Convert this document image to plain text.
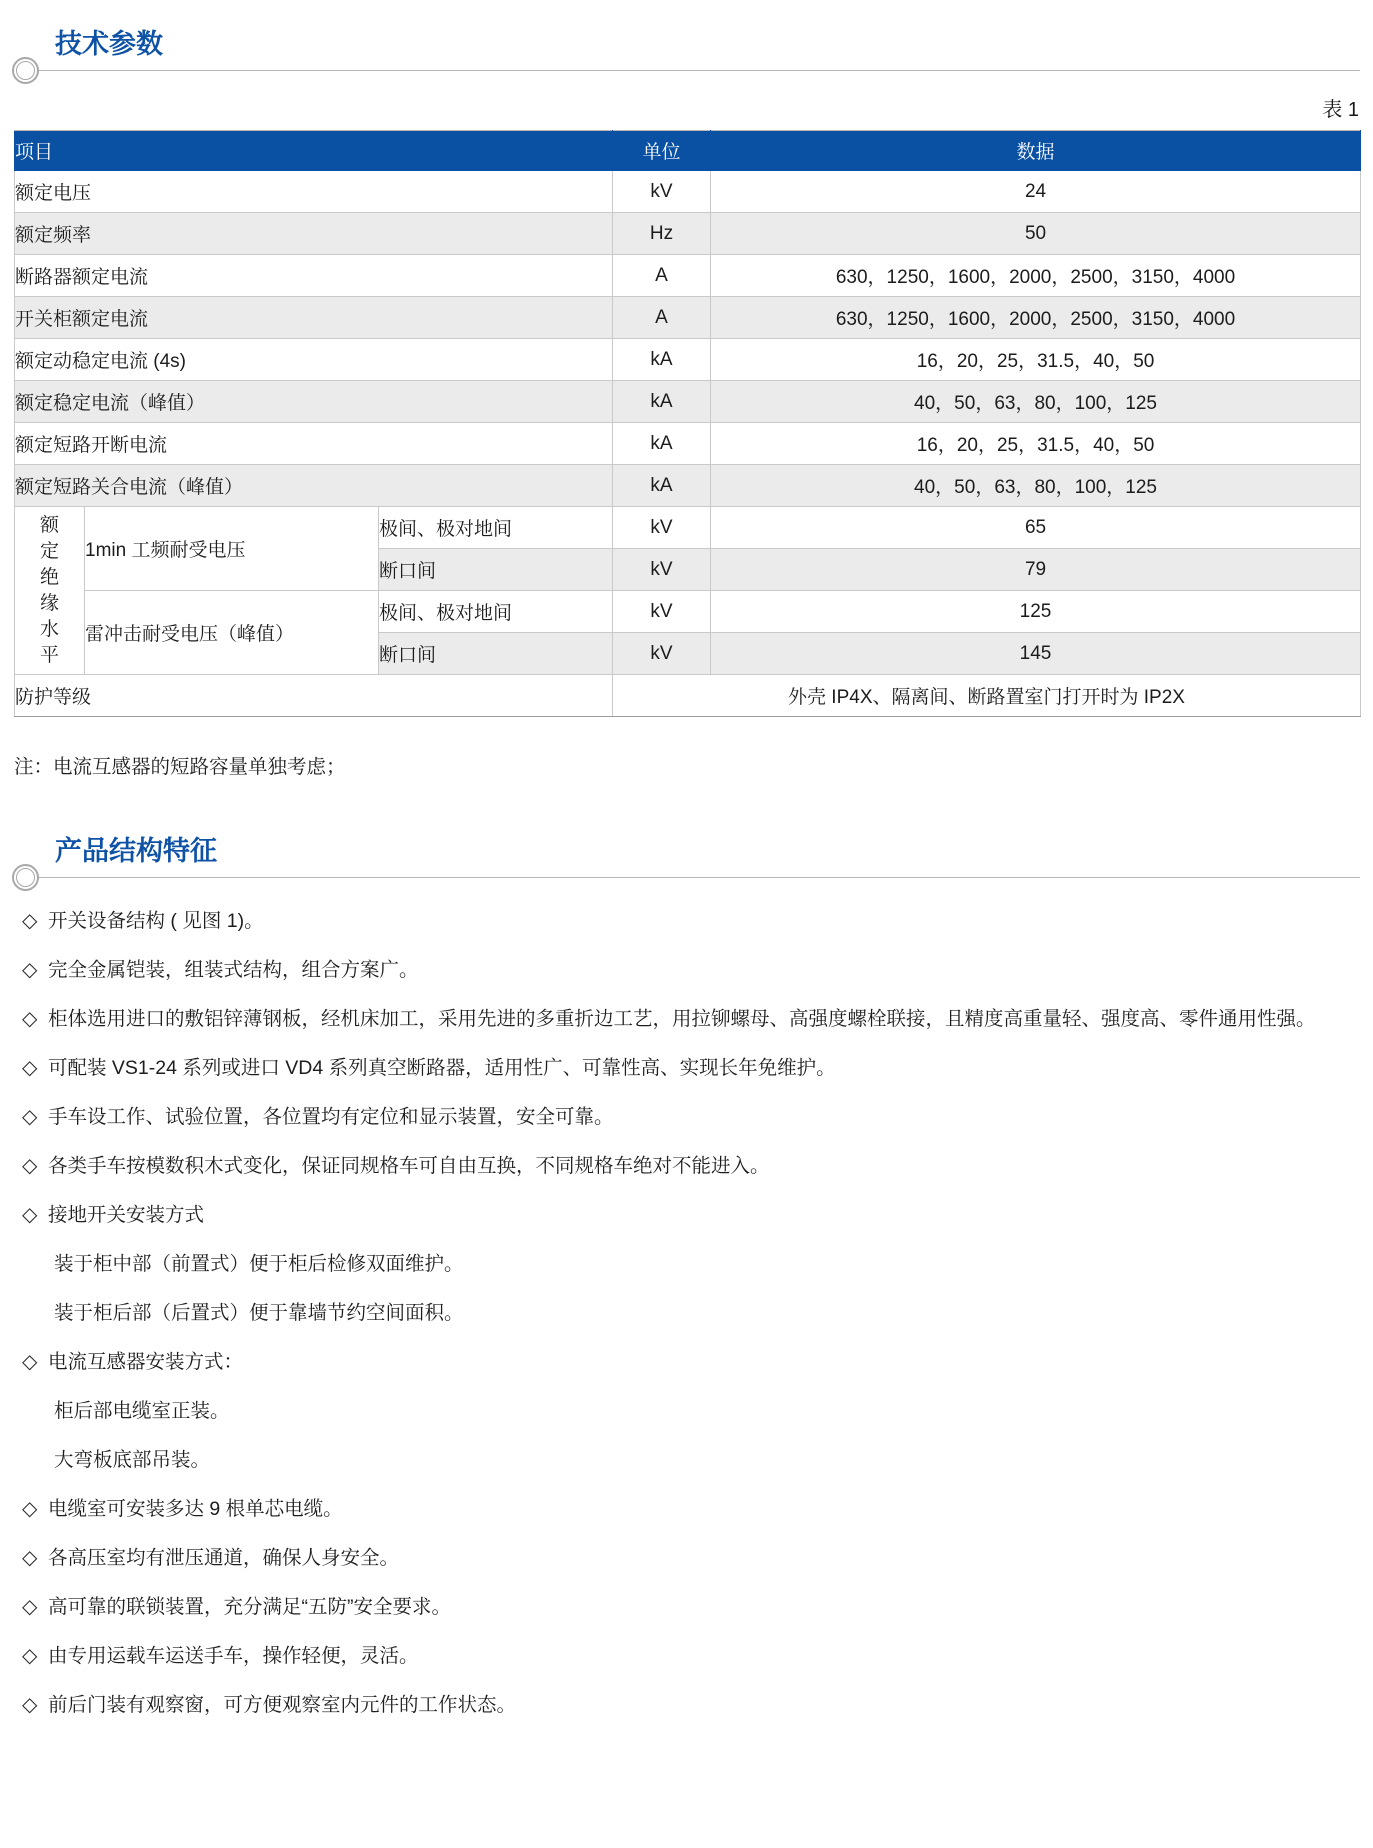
技术参数
表 1
项目			单位	数据
额定电压			kV	24
额定频率			Hz	50
断路器额定电流			A	630，1250，1600，2000，2500，3150，4000
开关柜额定电流			A	630，1250，1600，2000，2500，3150，4000
额定动稳定电流 (4s)			kA	16，20，25，31.5，40，50
额定稳定电流（峰值）			kA	40，50，63，80，100，125
额定短路开断电流			kA	16，20，25，31.5，40，50
额定短路关合电流（峰值）			kA	40，50，63，80，100，125

额定绝缘水平	1min 工频耐受电压	极间、极对地间	kV	65
		断口间	kV	79
	雷冲击耐受电压（峰值）	极间、极对地间	kV	125
		断口间	kV	145
防护等级			外壳 IP4X、隔离间、断路置室门打开时为 IP2X	
注：电流互感器的短路容量单独考虑；
产品结构特征
◇ 开关设备结构 ( 见图 1)。
◇ 完全金属铠装，组装式结构，组合方案广。
◇ 柜体选用进口的敷铝锌薄钢板，经机床加工，采用先进的多重折边工艺，用拉铆螺母、高强度螺栓联接，且精度高重量轻、强度高、零件通用性强。
◇ 可配装 VS1-24 系列或进口 VD4 系列真空断路器，适用性广、可靠性高、实现长年免维护。
◇ 手车设工作、试验位置，各位置均有定位和显示装置，安全可靠。
◇ 各类手车按模数积木式变化，保证同规格车可自由互换，不同规格车绝对不能进入。
◇ 接地开关安装方式
装于柜中部（前置式）便于柜后检修双面维护。
装于柜后部（后置式）便于靠墙节约空间面积。
◇ 电流互感器安装方式：
柜后部电缆室正装。
大弯板底部吊装。
◇ 电缆室可安装多达 9 根单芯电缆。
◇ 各高压室均有泄压通道，确保人身安全。
◇ 高可靠的联锁装置，充分满足“五防”安全要求。
◇ 由专用运载车运送手车，操作轻便，灵活。
◇ 前后门装有观察窗，可方便观察室内元件的工作状态。
